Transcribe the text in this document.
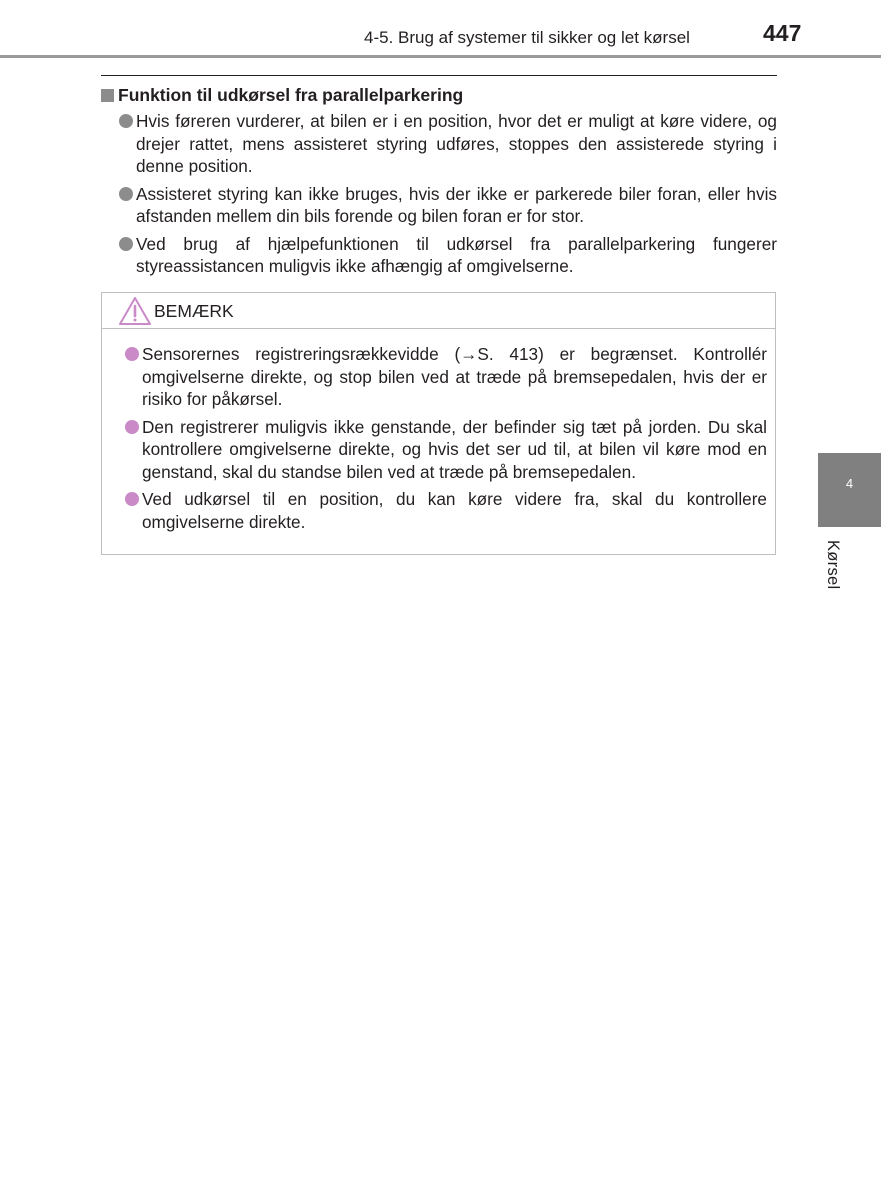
4-5. Brug af systemer til sikker og let kørsel	447
Funktion til udkørsel fra parallelparkering
Hvis føreren vurderer, at bilen er i en position, hvor det er muligt at køre videre, og drejer rattet, mens assisteret styring udføres, stoppes den assisterede styring i denne position.
Assisteret styring kan ikke bruges, hvis der ikke er parkerede biler foran, eller hvis afstanden mellem din bils forende og bilen foran er for stor.
Ved brug af hjælpefunktionen til udkørsel fra parallelparkering fungerer styreassistancen muligvis ikke afhængig af omgivelserne.
BEMÆRK
Sensorernes registreringsrækkevidde (→S. 413) er begrænset. Kontrollér omgivelserne direkte, og stop bilen ved at træde på bremsepedalen, hvis der er risiko for påkørsel.
Den registrerer muligvis ikke genstande, der befinder sig tæt på jorden. Du skal kontrollere omgivelserne direkte, og hvis det ser ud til, at bilen vil køre mod en genstand, skal du standse bilen ved at træde på bremsepedalen.
Ved udkørsel til en position, du kan køre videre fra, skal du kontrollere omgivelserne direkte.
4
Kørsel
